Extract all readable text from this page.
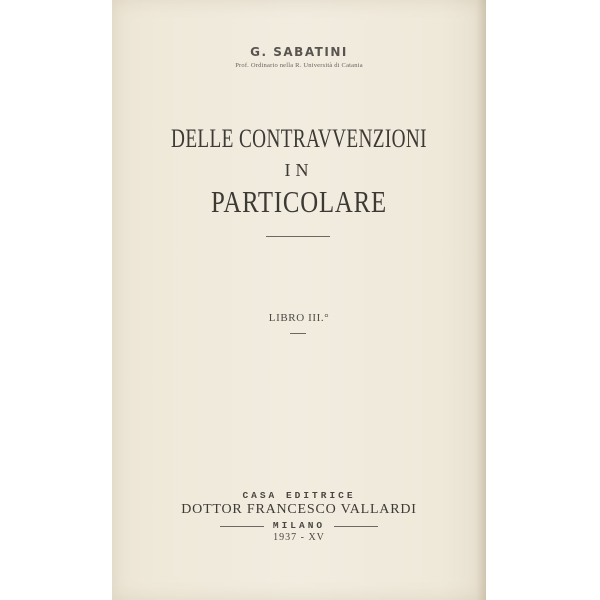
G. SABATINI
Prof. Ordinario nella R. Università di Catania
DELLE CONTRAVVENZIONI
IN
PARTICOLARE
LIBRO III.°
CASA EDITRICE
DOTTOR FRANCESCO VALLARDI
MILANO
1937 - XV
